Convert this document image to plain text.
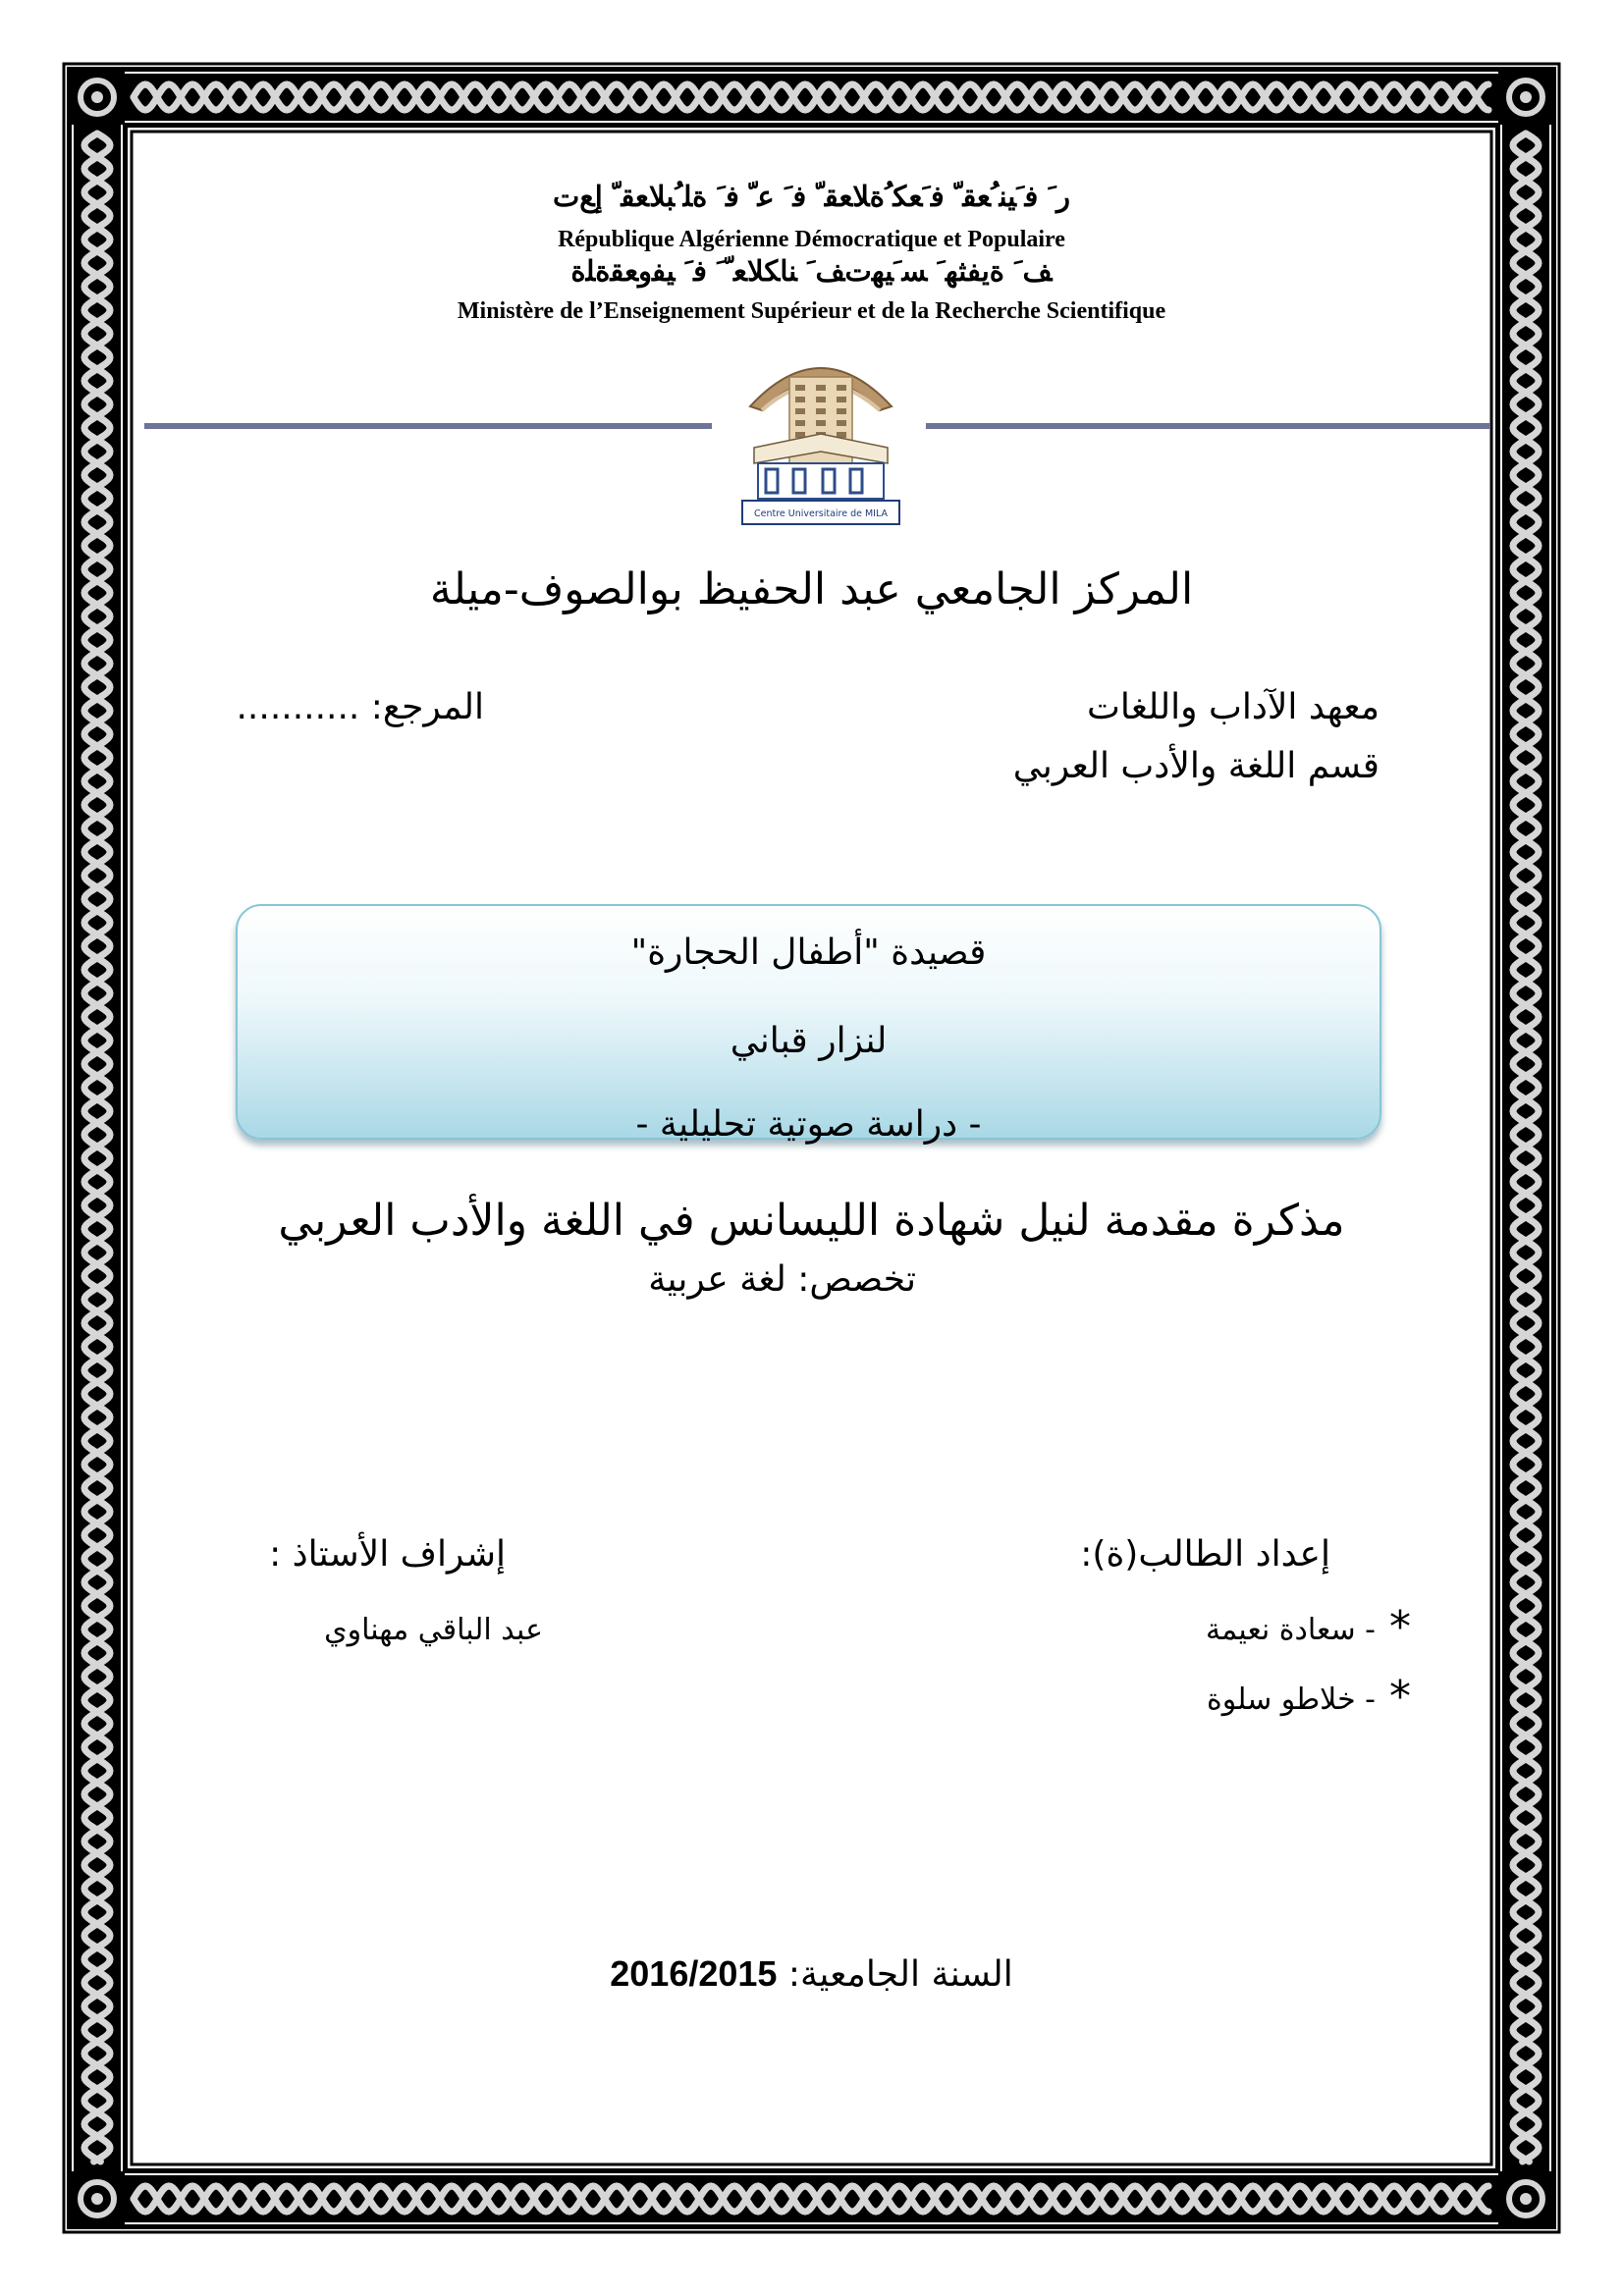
ﺭﹶ ﻓﹶﻴﻨﹸﻌﻘﹼ ﻓﹶﻌﻜﹸﺓﻠﺎﻌﻘﹼ ﻓﹶ ﻋﹼ ﻓﹶ ﺓﻠﹸﺒﻠﺎﻌﻘﹼ ﺇﻊﺕ
République Algérienne Démocratique et Populaire
ﻒﹶ ﺓﻳﻔﺜﻬﹶ ﺴﹶﻴﻬﺕﻒﹶ ﻨﺎﻜﻠﺎﻌﹼﹶ ﻓﹶ ﻴﻔﻭﻌﻘﺓﻠﺓ
Ministère de l’Enseignement Supérieur et de la Recherche Scientifique
Centre Universitaire de MILA
المركز الجامعي عبد الحفيظ بوالصوف-ميلة
معهد الآداب واللغات
المرجع: ...........
قسم اللغة والأدب العربي
قصيدة "أطفال الحجارة"
لنزار قباني
- دراسة صوتية تحليلية -
مذكرة مقدمة لنيل شهادة الليسانس في اللغة والأدب العربي
تخصص: لغة عربية
إعداد الطالب(ة):
*
- سعادة نعيمة
*
- خلاطو سلوة
إشراف الأستاذ :
عبد الباقي مهناوي
السنة الجامعية: 2016/2015
